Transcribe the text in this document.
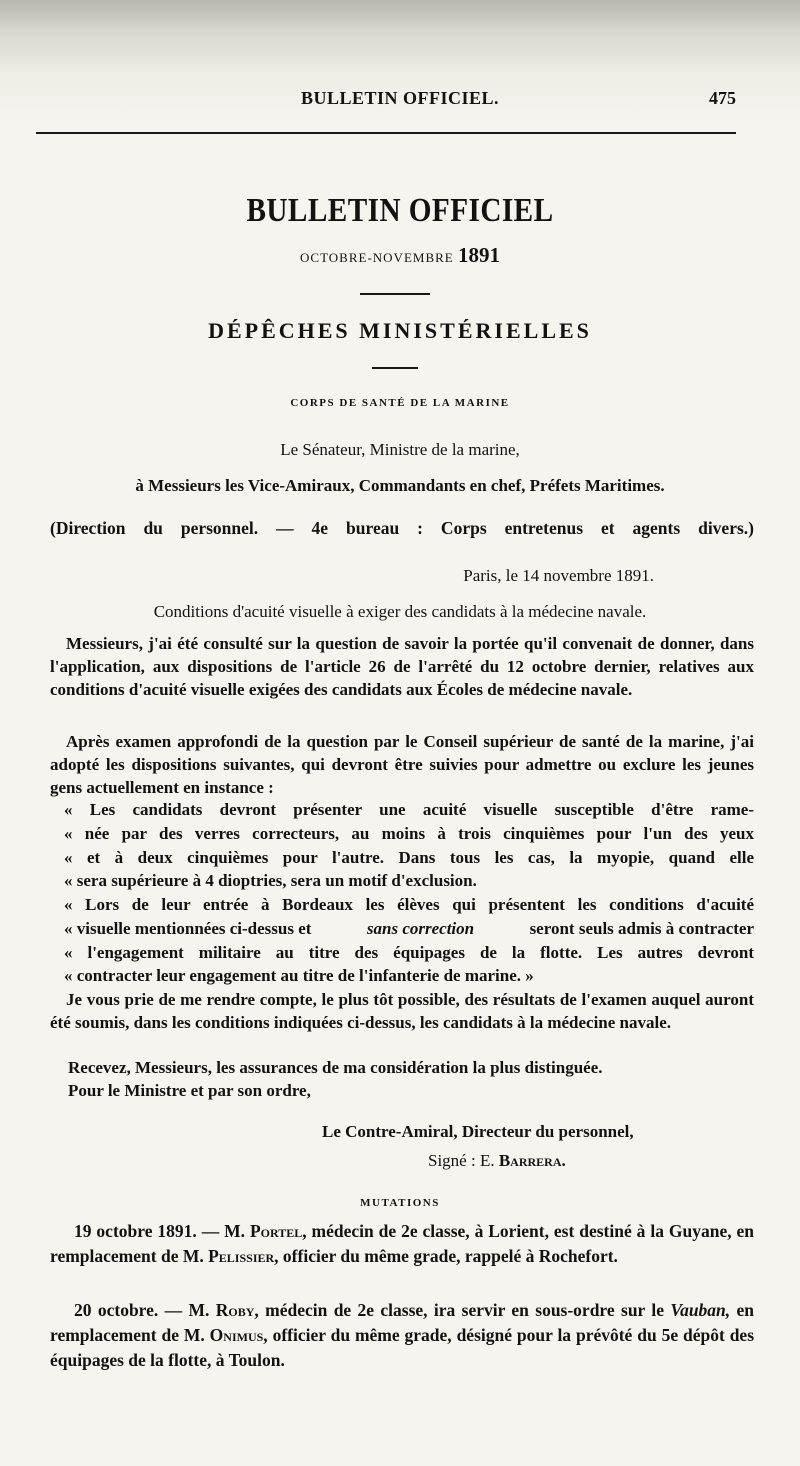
BULLETIN OFFICIEL.	475
BULLETIN OFFICIEL
OCTOBRE-NOVEMBRE 1891
DÉPÊCHES MINISTÉRIELLES
CORPS DE SANTÉ DE LA MARINE
Le Sénateur, Ministre de la marine,
à Messieurs les Vice-Amiraux, Commandants en chef, Préfets Maritimes.
(Direction du personnel. — 4e bureau : Corps entretenus et agents divers.)
Paris, le 14 novembre 1891.
Conditions d'acuité visuelle à exiger des candidats à la médecine navale.
Messieurs, j'ai été consulté sur la question de savoir la portée qu'il convenait de donner, dans l'application, aux dispositions de l'article 26 de l'arrêté du 12 octobre dernier, relatives aux conditions d'acuité visuelle exigées des candidats aux Écoles de médecine navale.
Après examen approfondi de la question par le Conseil supérieur de santé de la marine, j'ai adopté les dispositions suivantes, qui devront être suivies pour admettre ou exclure les jeunes gens actuellement en instance :
« Les candidats devront présenter une acuité visuelle susceptible d'être rame-
« née par des verres correcteurs, au moins à trois cinquièmes pour l'un des yeux
« et à deux cinquièmes pour l'autre. Dans tous les cas, la myopie, quand elle
« sera supérieure à 4 dioptries, sera un motif d'exclusion.
« Lors de leur entrée à Bordeaux les élèves qui présentent les conditions d'acuité
« visuelle mentionnées ci-dessus et	sans correction	seront seuls admis à contracter
« l'engagement militaire au titre des équipages de la flotte. Les autres devront
« contracter leur engagement au titre de l'infanterie de marine. »
Je vous prie de me rendre compte, le plus tôt possible, des résultats de l'examen auquel auront été soumis, dans les conditions indiquées ci-dessus, les candidats à la médecine navale.
Recevez, Messieurs, les assurances de ma considération la plus distinguée.
Pour le Ministre et par son ordre,
Le Contre-Amiral, Directeur du personnel,
Signé : E. Barrera.
MUTATIONS
19 octobre 1891. — M. Portel, médecin de 2e classe, à Lorient, est destiné à la Guyane, en remplacement de M. Pelissier, officier du même grade, rappelé à Rochefort.
20 octobre. — M. Roby, médecin de 2e classe, ira servir en sous-ordre sur le Vauban, en remplacement de M. Onimus, officier du même grade, désigné pour la prévôté du 5e dépôt des équipages de la flotte, à Toulon.
